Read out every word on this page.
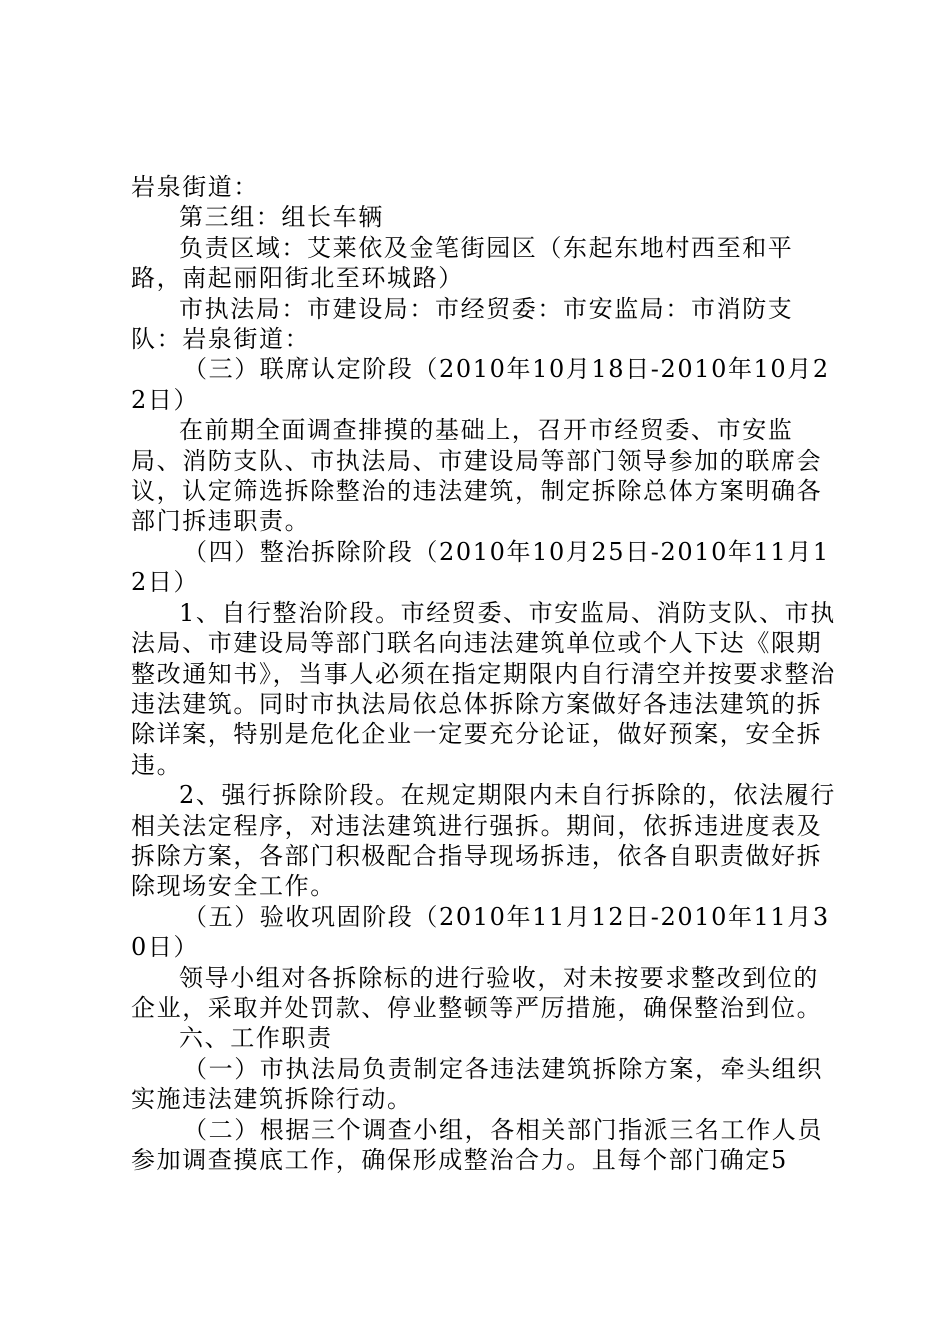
岩泉街道：

第三组：组长车辆

负责区域：艾莱依及金笔街园区（东起东地村西至和平路，南起丽阳街北至环城路）

市执法局：市建设局：市经贸委：市安监局：市消防支队：岩泉街道：

（三）联席认定阶段（2010年10月18日-2010年10月22日）

在前期全面调查排摸的基础上，召开市经贸委、市安监局、消防支队、市执法局、市建设局等部门领导参加的联席会议，认定筛选拆除整治的违法建筑，制定拆除总体方案明确各部门拆违职责。

（四）整治拆除阶段（2010年10月25日-2010年11月12日）

1、自行整治阶段。市经贸委、市安监局、消防支队、市执法局、市建设局等部门联名向违法建筑单位或个人下达《限期整改通知书》，当事人必须在指定期限内自行清空并按要求整治违法建筑。同时市执法局依总体拆除方案做好各违法建筑的拆除详案，特别是危化企业一定要充分论证，做好预案，安全拆违。

2、强行拆除阶段。在规定期限内未自行拆除的，依法履行相关法定程序，对违法建筑进行强拆。期间，依拆违进度表及拆除方案，各部门积极配合指导现场拆违，依各自职责做好拆除现场安全工作。

（五）验收巩固阶段（2010年11月12日-2010年11月30日）

领导小组对各拆除标的进行验收，对未按要求整改到位的企业，采取并处罚款、停业整顿等严厉措施，确保整治到位。

六、工作职责

（一）市执法局负责制定各违法建筑拆除方案，牵头组织实施违法建筑拆除行动。

（二）根据三个调查小组，各相关部门指派三名工作人员参加调查摸底工作，确保形成整治合力。且每个部门确定5
